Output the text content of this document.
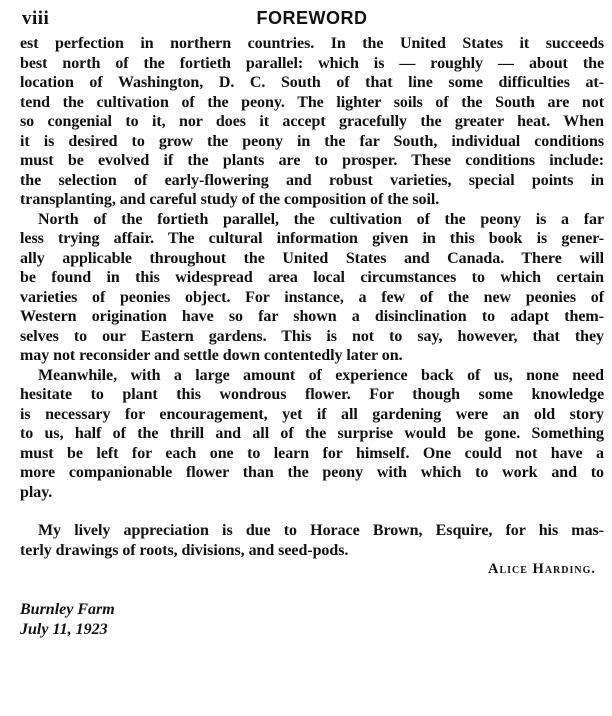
viii	FOREWORD
est perfection in northern countries. In the United States it succeeds
best north of the fortieth parallel: which is — roughly — about the
location of Washington, D. C. South of that line some difficulties at-
tend the cultivation of the peony. The lighter soils of the South are not
so congenial to it, nor does it accept gracefully the greater heat. When
it is desired to grow the peony in the far South, individual conditions
must be evolved if the plants are to prosper. These conditions include:
the selection of early-flowering and robust varieties, special points in
transplanting, and careful study of the composition of the soil.
North of the fortieth parallel, the cultivation of the peony is a far
less trying affair. The cultural information given in this book is gener-
ally applicable throughout the United States and Canada. There will
be found in this widespread area local circumstances to which certain
varieties of peonies object. For instance, a few of the new peonies of
Western origination have so far shown a disinclination to adapt them-
selves to our Eastern gardens. This is not to say, however, that they
may not reconsider and settle down contentedly later on.
Meanwhile, with a large amount of experience back of us, none need
hesitate to plant this wondrous flower. For though some knowledge
is necessary for encouragement, yet if all gardening were an old story
to us, half of the thrill and all of the surprise would be gone. Something
must be left for each one to learn for himself. One could not have a
more companionable flower than the peony with which to work and to
play.
My lively appreciation is due to Horace Brown, Esquire, for his mas-
terly drawings of roots, divisions, and seed-pods.
Alice Harding.
Burnley Farm
July 11, 1923
